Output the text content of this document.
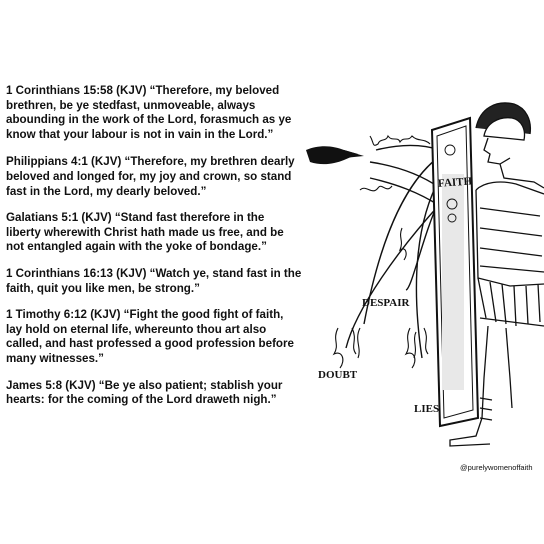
1 Corinthians 15:58 (KJV) “Therefore, my beloved brethren, be ye stedfast, unmoveable, always abounding in the work of the Lord, forasmuch as ye know that your labour is not in vain in the Lord.”

Philippians 4:1 (KJV) “Therefore, my brethren dearly beloved and longed for, my joy and crown, so stand fast in the Lord, my dearly beloved.”

Galatians 5:1 (KJV) “Stand fast therefore in the liberty wherewith Christ hath made us free, and be not entangled again with the yoke of bondage.”

1 Corinthians 16:13 (KJV) “Watch ye, stand fast in the faith, quit you like men, be strong.”

1 Timothy 6:12 (KJV) “Fight the good fight of faith, lay hold on eternal life, whereunto thou art also called, and hast professed a good profession before many witnesses.”

James 5:8 (KJV) “Be ye also patient; stablish your hearts: for the coming of the Lord draweth nigh.”

FAITH
DESPAIR
DOUBT
LIES
@purelywomenoffaith
